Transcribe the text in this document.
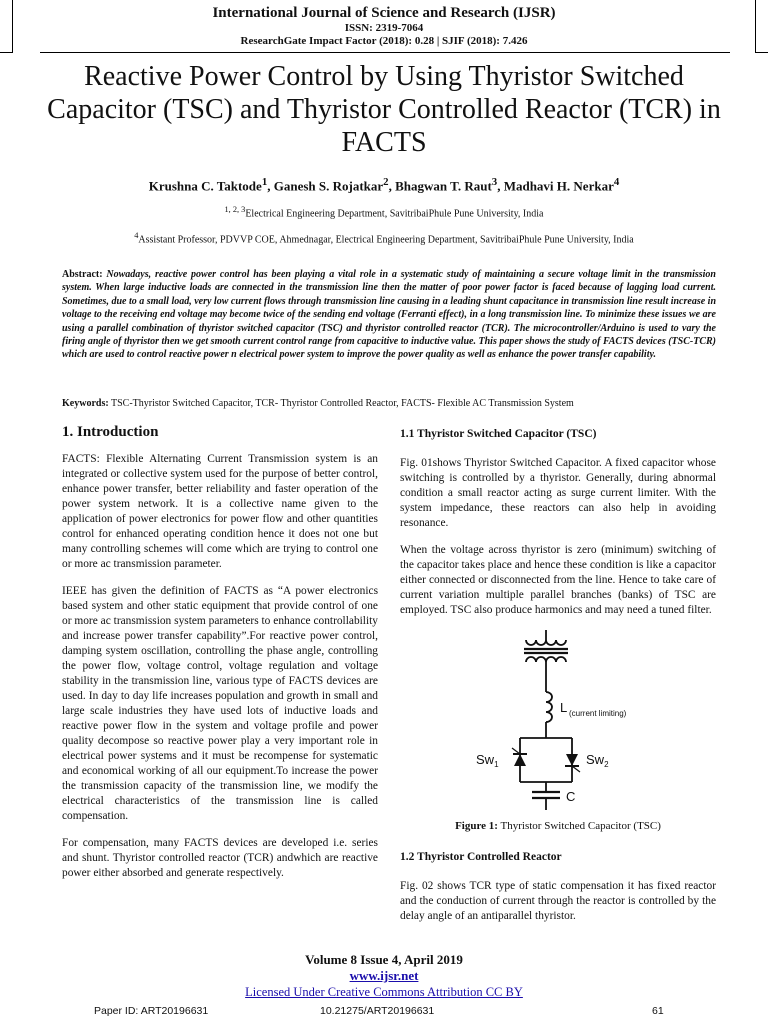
International Journal of Science and Research (IJSR)
ISSN: 2319-7064
ResearchGate Impact Factor (2018): 0.28 | SJIF (2018): 7.426
Reactive Power Control by Using Thyristor Switched Capacitor (TSC) and Thyristor Controlled Reactor (TCR) in FACTS
Krushna C. Taktode$^1$, Ganesh S. Rojatkar$^2$, Bhagwan T. Raut$^3$, Madhavi H. Nerkar$^4$
$^{1, 2, 3}$Electrical Engineering Department, SavitribaiPhule Pune University, India
$^4$Assistant Professor, PDVVP COE, Ahmednagar, Electrical Engineering Department, SavitribaiPhule Pune University, India
Abstract: Nowadays, reactive power control has been playing a vital role in a systematic study of maintaining a secure voltage limit in the transmission system. When large inductive loads are connected in the transmission line then the matter of poor power factor is faced because of lagging load current. Sometimes, due to a small load, very low current flows through transmission line causing in a leading shunt capacitance in transmission line result increase in voltage to the receiving end voltage may become twice of the sending end voltage (Ferranti effect), in a long transmission line. To minimize these issues we are using a parallel combination of thyristor switched capacitor (TSC) and thyristor controlled reactor (TCR). The microcontroller/Arduino is used to vary the firing angle of thyristor then we get smooth current control range from capacitive to inductive value. This paper shows the study of FACTS devices (TSC-TCR) which are used to control reactive power n electrical power system to improve the power quality as well as enhance the power transfer capability.
Keywords: TSC-Thyristor Switched Capacitor, TCR- Thyristor Controlled Reactor, FACTS- Flexible AC Transmission System
1. Introduction

FACTS: Flexible Alternating Current Transmission system is an integrated or collective system used for the purpose of better control, enhance power transfer, better reliability and faster operation of the power system network. It is a collective name given to the application of power electronics for power flow and other quantities control for enhanced operating condition hence it does not one but many controlling schemes will come which are trying to control one or more ac transmission parameter.

IEEE has given the definition of FACTS as “A power electronics based system and other static equipment that provide control of one or more ac transmission system parameters to enhance controllability and increase power transfer capability”.For reactive power control, damping system oscillation, controlling the phase angle, controlling the power flow, voltage control, voltage regulation and voltage stability in the transmission line, various type of FACTS devices are used. In day to day life increases population and growth in small and large scale industries they have used lots of inductive loads and reactive power flow in the system and voltage profile and power quality decompose so reactive power play a very important role in electrical power systems and it must be recompense for systematic and economical working of all our equipment.To increase the power the transmission capacity of the transmission line, we modify the electrical characteristics of the transmission line is called compensation.

For compensation, many FACTS devices are developed i.e. series and shunt. Thyristor controlled reactor (TCR) andwhich are reactive power either absorbed and generate respectively.

1.1 Thyristor Switched Capacitor (TSC)

Fig. 01shows Thyristor Switched Capacitor. A fixed capacitor whose switching is controlled by a thyristor. Generally, during abnormal condition a small reactor acting as surge current limiter. With the system impedance, these reactors can also help in avoiding resonance.

When the voltage across thyristor is zero (minimum) switching of the capacitor takes place and hence these condition is like a capacitor either connected or disconnected from the line. Hence to take care of current variation multiple parallel branches (banks) of TSC are employed. TSC also produce harmonics and may need a tuned filter.

L (current limiting)
$Sw_1$	$Sw_2$
C
Figure 1: Thyristor Switched Capacitor (TSC)
1.2 Thyristor Controlled Reactor

Fig. 02 shows TCR type of static compensation it has fixed reactor and the conduction of current through the reactor is controlled by the delay angle of an antiparallel thyristor.

Volume 8 Issue 4, April 2019
www.ijsr.net
Licensed Under Creative Commons Attribution CC BY
Paper ID: ART20196631	10.21275/ART20196631	61
